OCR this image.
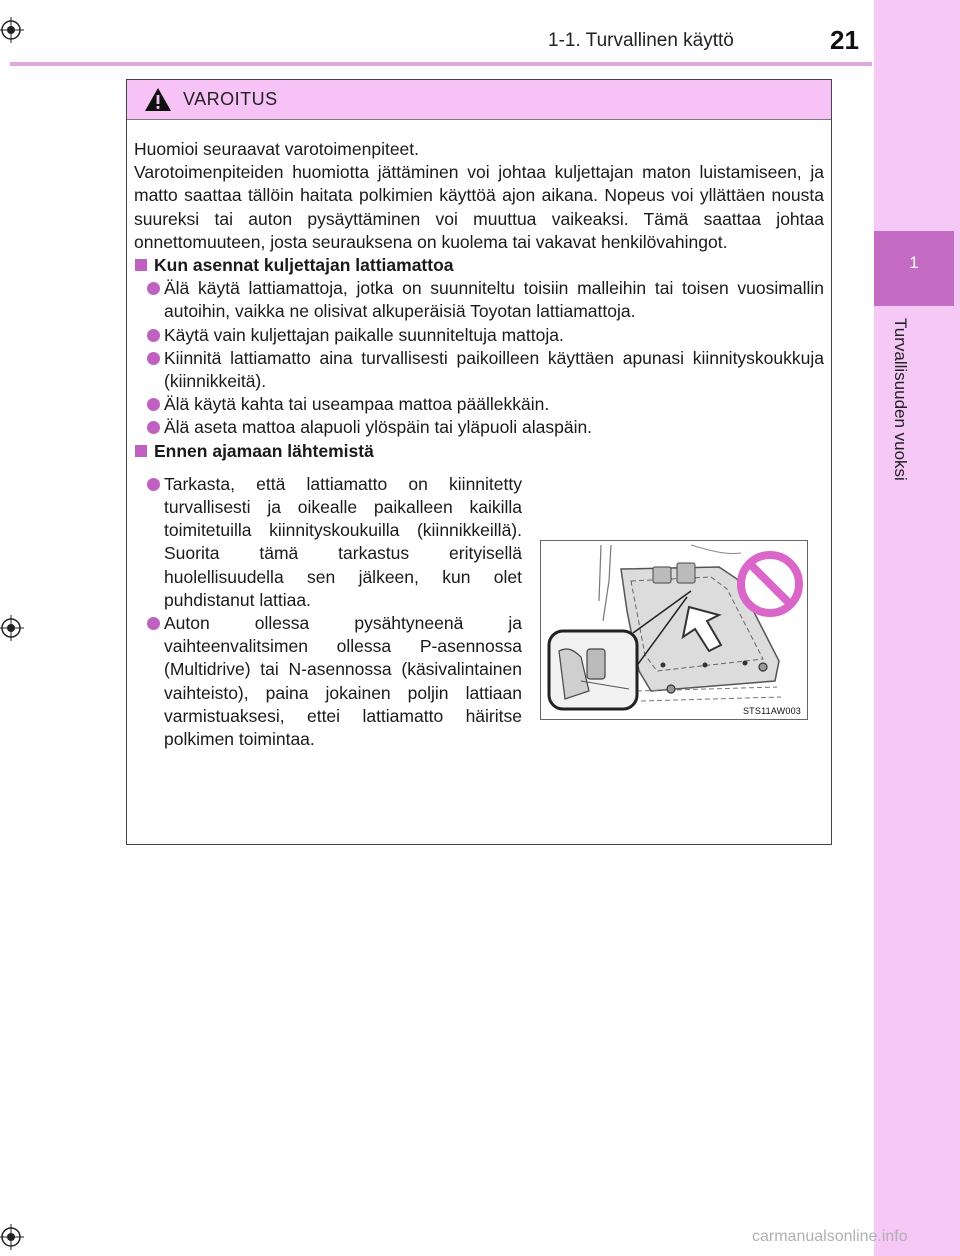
1
Turvallisuuden vuoksi
1-1. Turvallinen käyttö	21
VAROITUS

Huomioi seuraavat varotoimenpiteet.

Varotoimenpiteiden huomiotta jättäminen voi johtaa kuljettajan maton luistamiseen, ja matto saattaa tällöin haitata polkimien käyttöä ajon aikana. Nopeus voi yllättäen nousta suureksi tai auton pysäyttäminen voi muuttua vaikeaksi. Tämä saattaa johtaa onnettomuuteen, josta seurauksena on kuolema tai vakavat henkilövahingot.

Kun asennat kuljettajan lattiamattoa

Älä käytä lattiamattoja, jotka on suunniteltu toisiin malleihin tai toisen vuosimallin autoihin, vaikka ne olisivat alkuperäisiä Toyotan lattiamattoja.

Käytä vain kuljettajan paikalle suunniteltuja mattoja.

Kiinnitä lattiamatto aina turvallisesti paikoilleen käyttäen apunasi kiinnityskoukkuja (kiinnikkeitä).

Älä käytä kahta tai useampaa mattoa päällekkäin.

Älä aseta mattoa alapuoli ylöspäin tai yläpuoli alaspäin.

Ennen ajamaan lähtemistä

Tarkasta, että lattiamatto on kiinnitetty turvallisesti ja oikealle paikalleen kaikilla toimitetuilla kiinnityskoukuilla (kiinnikkeillä). Suorita tämä tarkastus erityisellä huolellisuudella sen jälkeen, kun olet puhdistanut lattiaa.

Auton ollessa pysähtyneenä ja vaihteenvalitsimen ollessa P-asennossa (Multidrive) tai N-asennossa (käsivalintainen vaihteisto), paina jokainen poljin lattiaan varmistuaksesi, ettei lattiamatto häiritse polkimen toimintaa.

STS11AW003
carmanualsonline.info
